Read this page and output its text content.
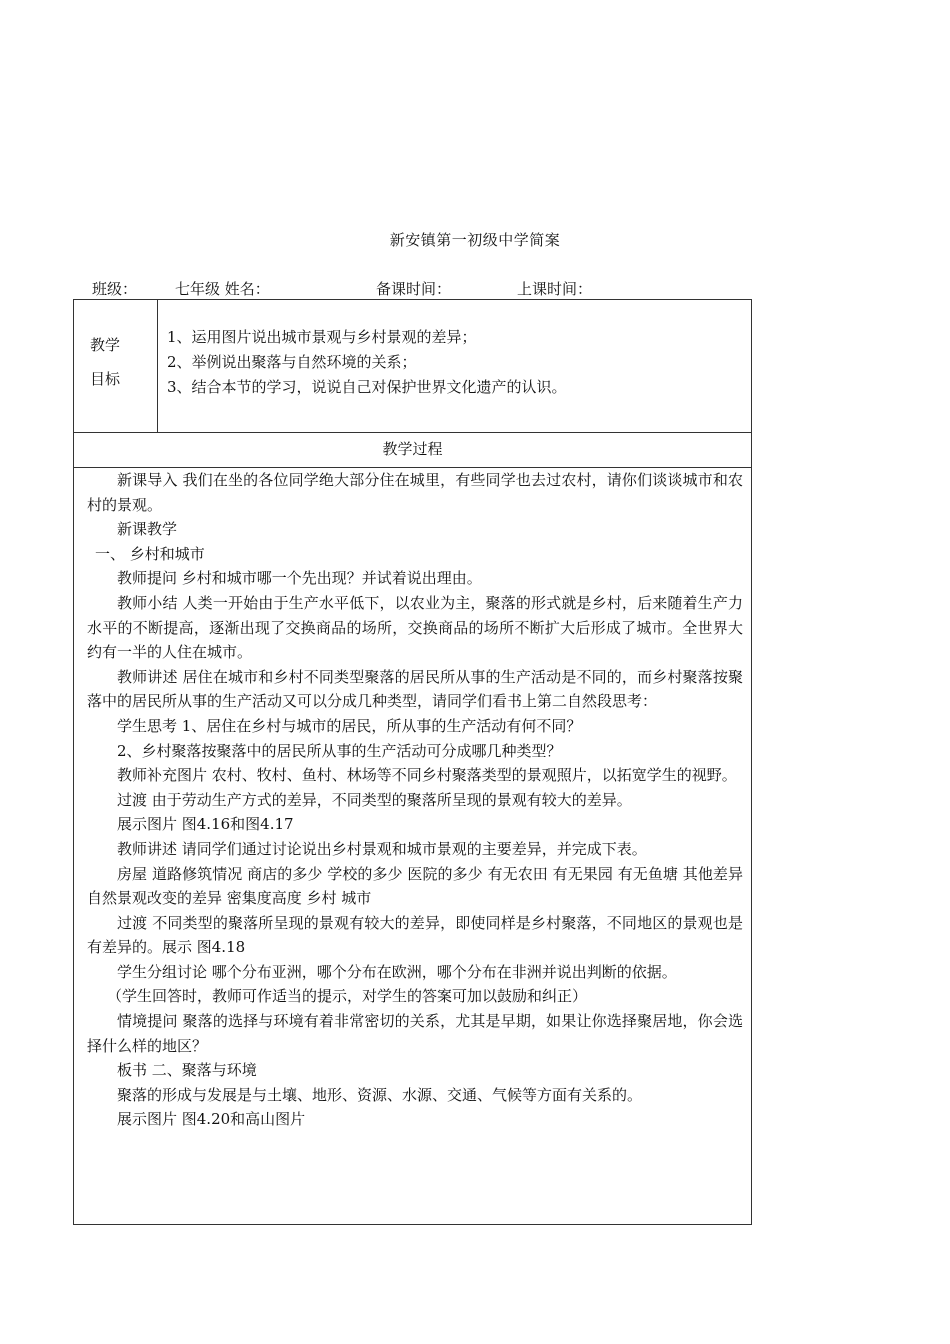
新安镇第一初级中学简案
班级：	七年级 姓名：	备课时间：	上课时间：
教学
目标
1、运用图片说出城市景观与乡村景观的差异；
2、举例说出聚落与自然环境的关系；
3、结合本节的学习，说说自己对保护世界文化遗产的认识。
教学过程

新课导入 我们在坐的各位同学绝大部分住在城里，有些同学也去过农村，请你们谈谈城市和农村的景观。

新课教学

一、 乡村和城市

教师提问 乡村和城市哪一个先出现？并试着说出理由。

教师小结 人类一开始由于生产水平低下，以农业为主，聚落的形式就是乡村，后来随着生产力水平的不断提高，逐渐出现了交换商品的场所，交换商品的场所不断扩大后形成了城市。全世界大约有一半的人住在城市。

教师讲述 居住在城市和乡村不同类型聚落的居民所从事的生产活动是不同的，而乡村聚落按聚落中的居民所从事的生产活动又可以分成几种类型，请同学们看书上第二自然段思考：

学生思考 1、居住在乡村与城市的居民，所从事的生产活动有何不同？

2、乡村聚落按聚落中的居民所从事的生产活动可分成哪几种类型？

教师补充图片 农村、牧村、鱼村、林场等不同乡村聚落类型的景观照片，以拓宽学生的视野。

过渡 由于劳动生产方式的差异，不同类型的聚落所呈现的景观有较大的差异。

展示图片 图4.16和图4.17

教师讲述 请同学们通过讨论说出乡村景观和城市景观的主要差异，并完成下表。

房屋 道路修筑情况 商店的多少 学校的多少 医院的多少 有无农田 有无果园 有无鱼塘 其他差异 自然景观改变的差异 密集度高度 乡村 城市

过渡 不同类型的聚落所呈现的景观有较大的差异，即使同样是乡村聚落，不同地区的景观也是有差异的。展示 图4.18

学生分组讨论 哪个分布亚洲，哪个分布在欧洲，哪个分布在非洲并说出判断的依据。

（学生回答时，教师可作适当的提示，对学生的答案可加以鼓励和纠正）

情境提问 聚落的选择与环境有着非常密切的关系，尤其是早期，如果让你选择聚居地，你会选择什么样的地区？

板书 二、聚落与环境

聚落的形成与发展是与土壤、地形、资源、水源、交通、气候等方面有关系的。

展示图片 图4.20和高山图片
